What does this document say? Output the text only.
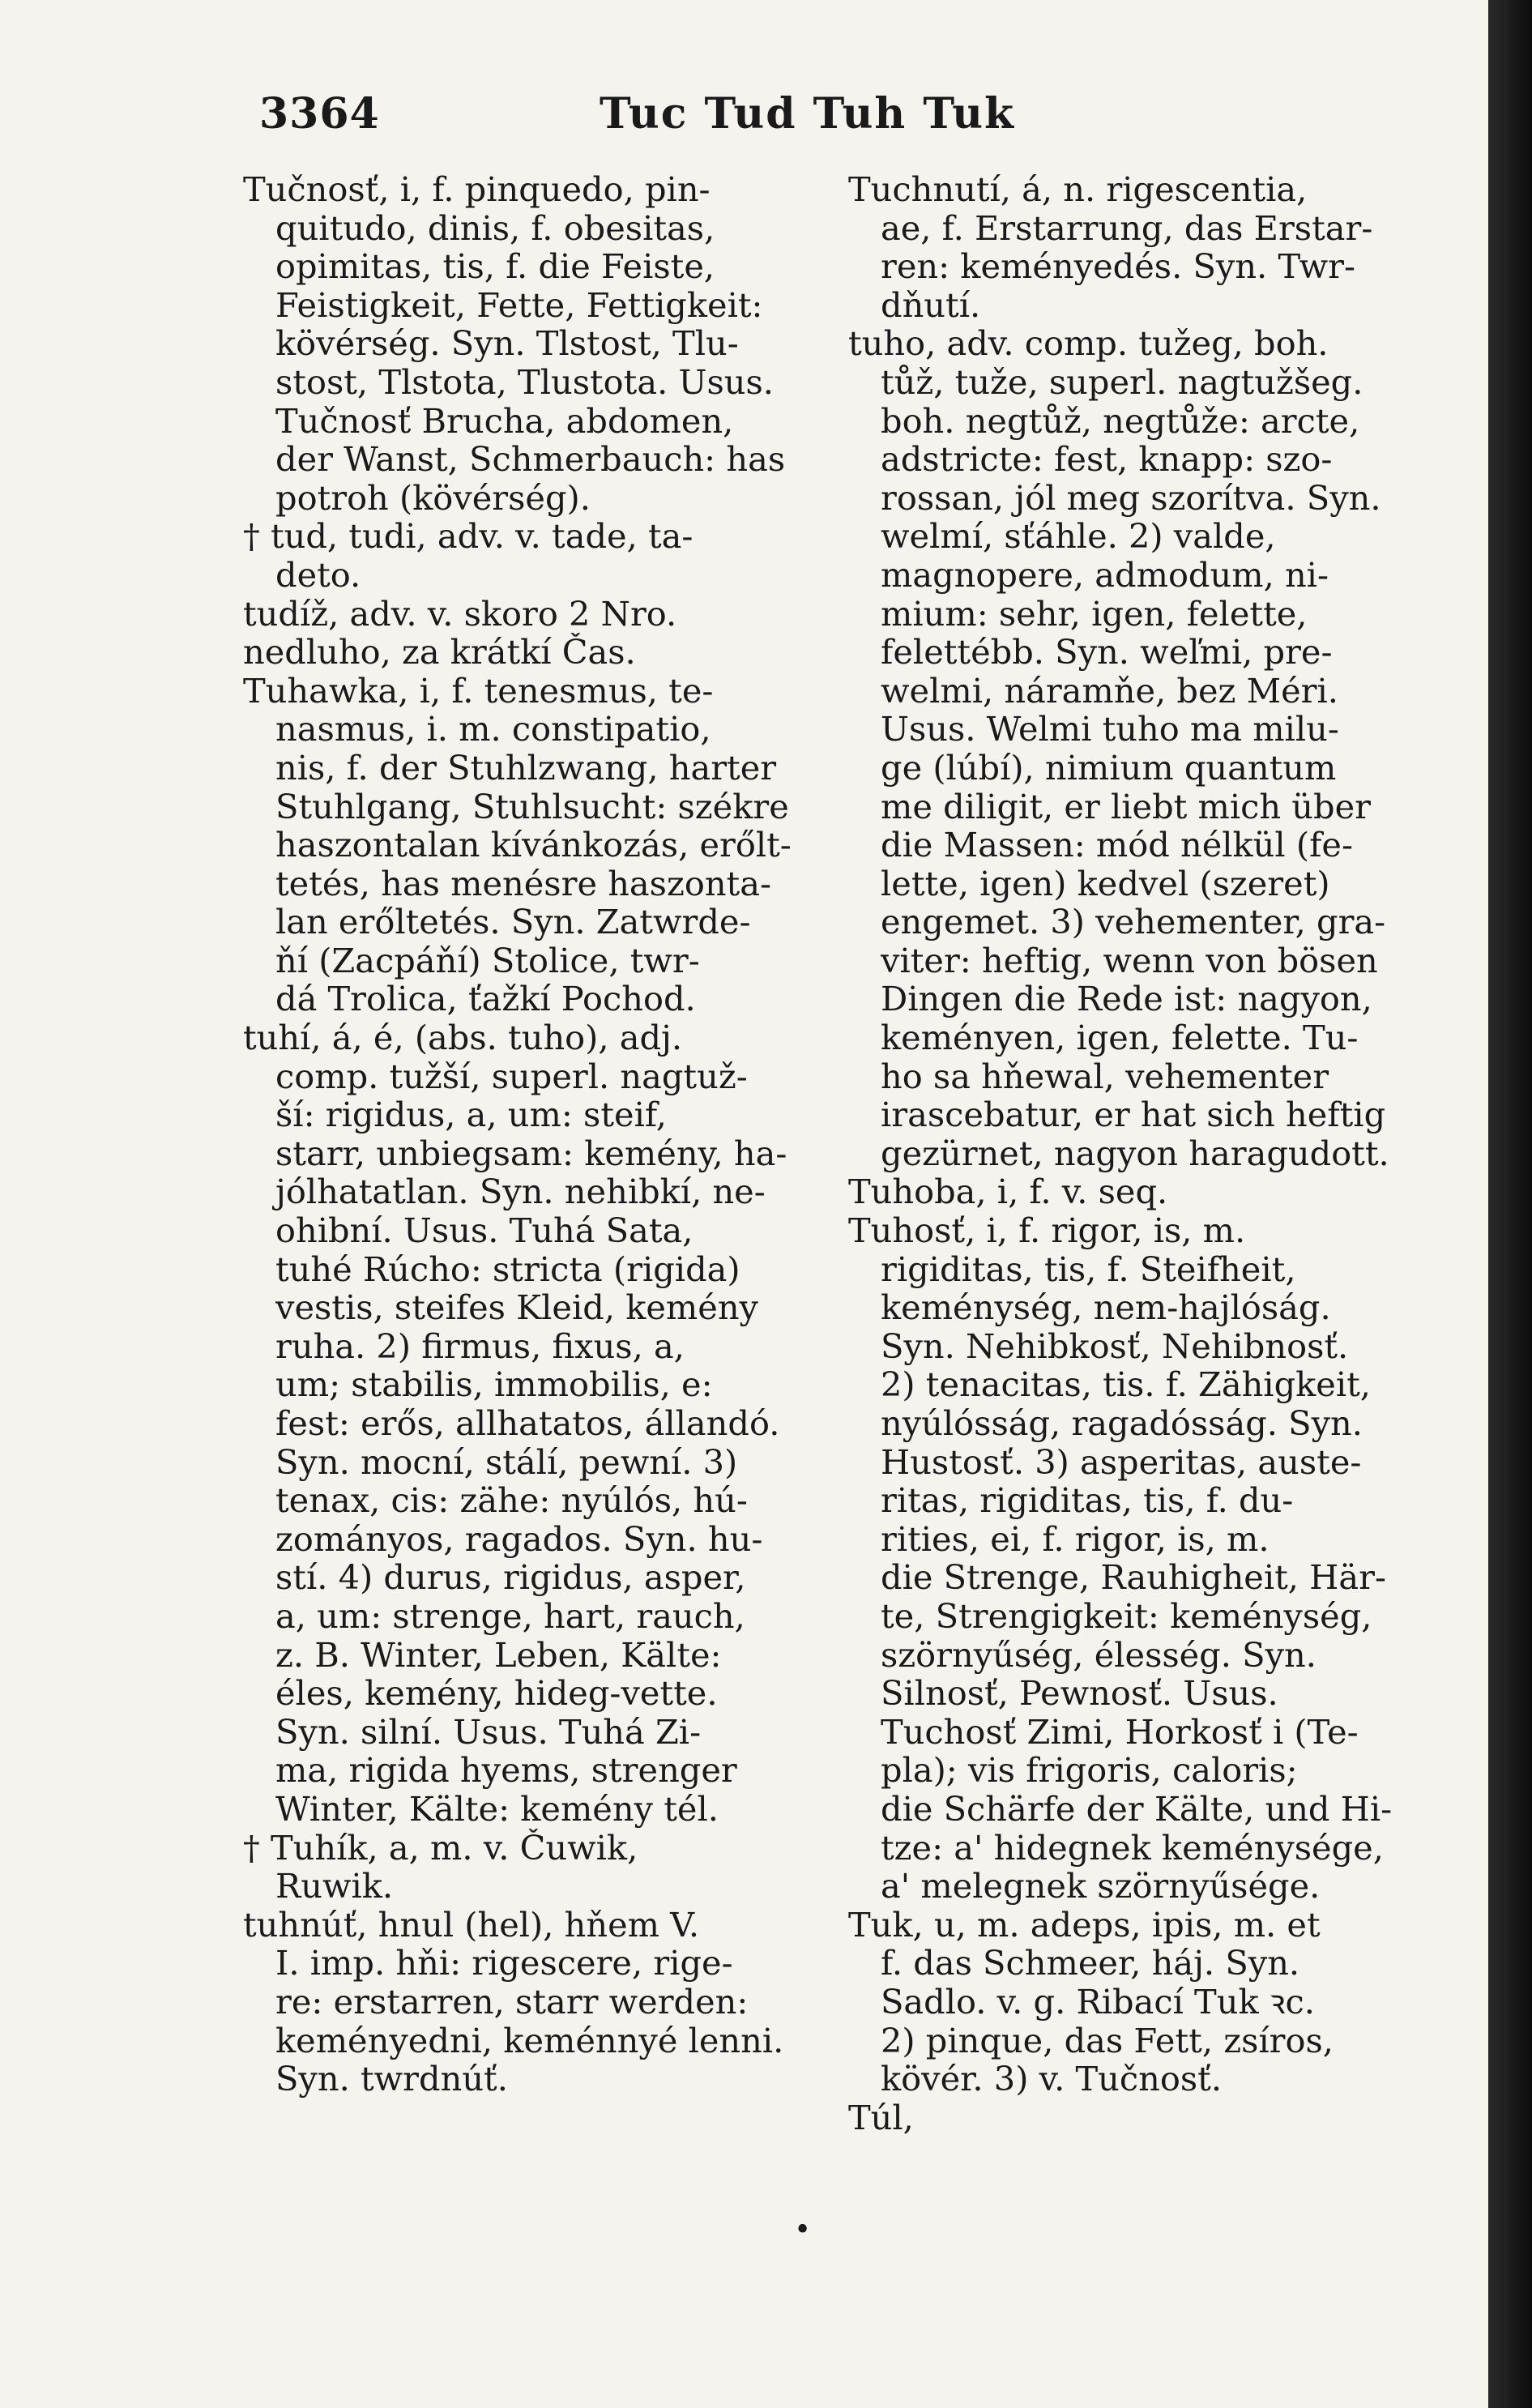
3364	Tuc Tud Tuh Tuk
Tučnosť, i, f. pinquedo, pin-
quitudo, dinis, f. obesitas,
opimitas, tis, f. die Feiste,
Feistigkeit, Fette, Fettigkeit:
kövérség. Syn. Tlstost, Tlu-
stost, Tlstota, Tlustota. Usus.
Tučnosť Brucha, abdomen,
der Wanst, Schmerbauch: has
potroh (kövérség).
† tud, tudi, adv. v. tade, ta-
deto.
tudíž, adv. v. skoro 2 Nro.
nedluho, za krátkí Čas.
Tuhawka, i, f. tenesmus, te-
nasmus, i. m. constipatio,
nis, f. der Stuhlzwang, harter
Stuhlgang, Stuhlsucht: székre
haszontalan kívánkozás, erőlt-
tetés, has menésre haszonta-
lan erőltetés. Syn. Zatwrde-
ňí (Zacpáňí) Stolice, twr-
dá Trolica, ťažkí Pochod.
tuhí, á, é, (abs. tuho), adj.
comp. tužší, superl. nagtuž-
ší: rigidus, a, um: steif,
starr, unbiegsam: kemény, ha-
jólhatatlan. Syn. nehibkí, ne-
ohibní. Usus. Tuhá Sata,
tuhé Rúcho: stricta (rigida)
vestis, steifes Kleid, kemény
ruha. 2) firmus, fixus, a,
um; stabilis, immobilis, e:
fest: erős, allhatatos, állandó.
Syn. mocní, stálí, pewní. 3)
tenax, cis: zähe: nyúlós, hú-
zományos, ragados. Syn. hu-
stí. 4) durus, rigidus, asper,
a, um: strenge, hart, rauch,
z. B. Winter, Leben, Kälte:
éles, kemény, hideg-vette.
Syn. silní. Usus. Tuhá Zi-
ma, rigida hyems, strenger
Winter, Kälte: kemény tél.
† Tuhík, a, m. v. Čuwik,
Ruwik.
tuhnúť, hnul (hel), hňem V.
I. imp. hňi: rigescere, rige-
re: erstarren, starr werden:
keményedni, keménnyé lenni.
Syn. twrdnúť.
Tuchnutí, á, n. rigescentia,
ae, f. Erstarrung, das Erstar-
ren: keményedés. Syn. Twr-
dňutí.
tuho, adv. comp. tužeg, boh.
tůž, tuže, superl. nagtužšeg.
boh. negtůž, negtůže: arcte,
adstricte: fest, knapp: szo-
rossan, jól meg szorítva. Syn.
welmí, sťáhle. 2) valde,
magnopere, admodum, ni-
mium: sehr, igen, felette,
felettébb. Syn. weľmi, pre-
welmi, náramňe, bez Méri.
Usus. Welmi tuho ma milu-
ge (lúbí), nimium quantum
me diligit, er liebt mich über
die Massen: mód nélkül (fe-
lette, igen) kedvel (szeret)
engemet. 3) vehementer, gra-
viter: heftig, wenn von bösen
Dingen die Rede ist: nagyon,
keményen, igen, felette. Tu-
ho sa hňewal, vehementer
irascebatur, er hat sich heftig
gezürnet, nagyon haragudott.
Tuhoba, i, f. v. seq.
Tuhosť, i, f. rigor, is, m.
rigiditas, tis, f. Steifheit,
keménység, nem-hajlóság.
Syn. Nehibkosť, Nehibnosť.
2) tenacitas, tis. f. Zähigkeit,
nyúlósság, ragadósság. Syn.
Hustosť. 3) asperitas, auste-
ritas, rigiditas, tis, f. du-
rities, ei, f. rigor, is, m.
die Strenge, Rauhigheit, Här-
te, Strengigkeit: keménység,
szörnyűség, élesség. Syn.
Silnosť, Pewnosť. Usus.
Tuchosť Zimi, Horkosť i (Te-
pla); vis frigoris, caloris;
die Schärfe der Kälte, und Hi-
tze: a' hidegnek keménysége,
a' melegnek szörnyűsége.
Tuk, u, m. adeps, ipis, m. et
f. das Schmeer, háj. Syn.
Sadlo. v. g. Ribací Tuk ꝛc.
2) pinque, das Fett, zsíros,
kövér. 3) v. Tučnosť.
Túl,
•
